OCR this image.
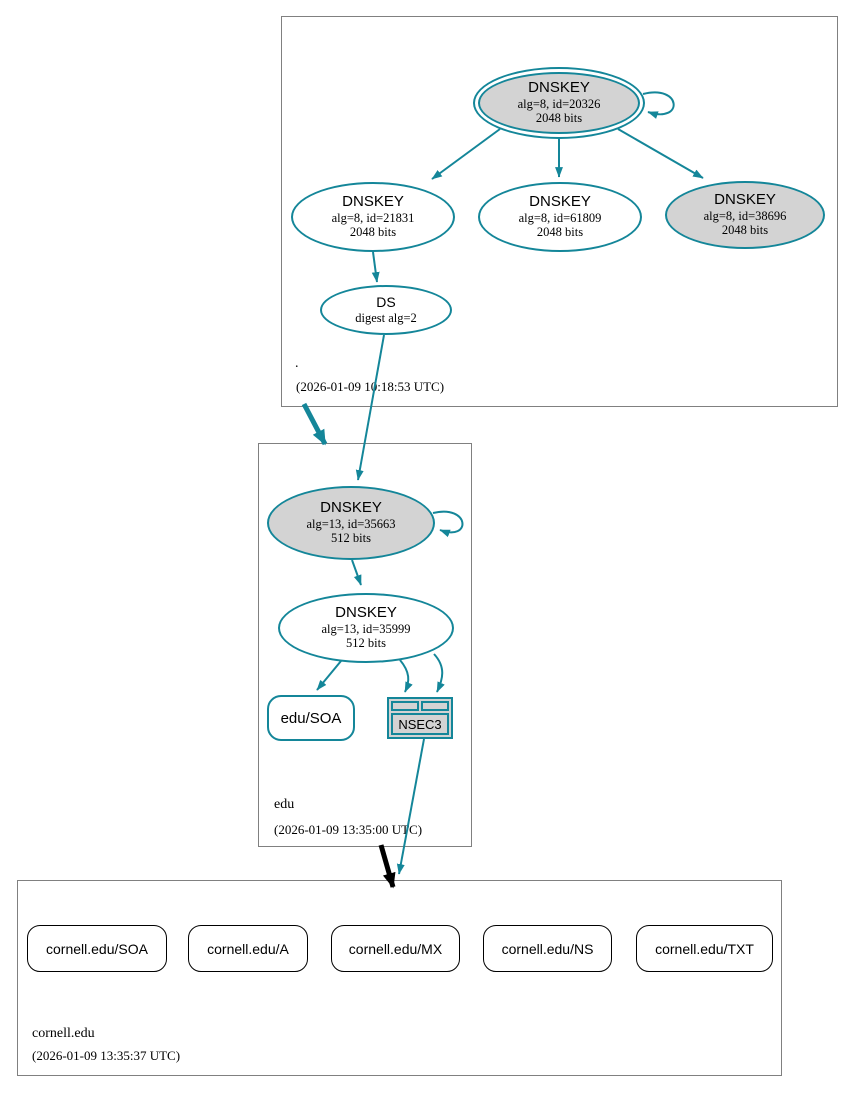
.
(2026-01-09 10:18:53 UTC)
edu
(2026-01-09 13:35:00 UTC)
cornell.edu
(2026-01-09 13:35:37 UTC)
DNSKEY
alg=8, id=20326
2048 bits
DNSKEY
alg=8, id=21831
2048 bits
DNSKEY
alg=8, id=61809
2048 bits
DNSKEY
alg=8, id=38696
2048 bits
DS
digest alg=2
DNSKEY
alg=13, id=35663
512 bits
DNSKEY
alg=13, id=35999
512 bits
edu/SOA	NSEC3
cornell.edu/SOA	cornell.edu/A	cornell.edu/MX	cornell.edu/NS	cornell.edu/TXT
